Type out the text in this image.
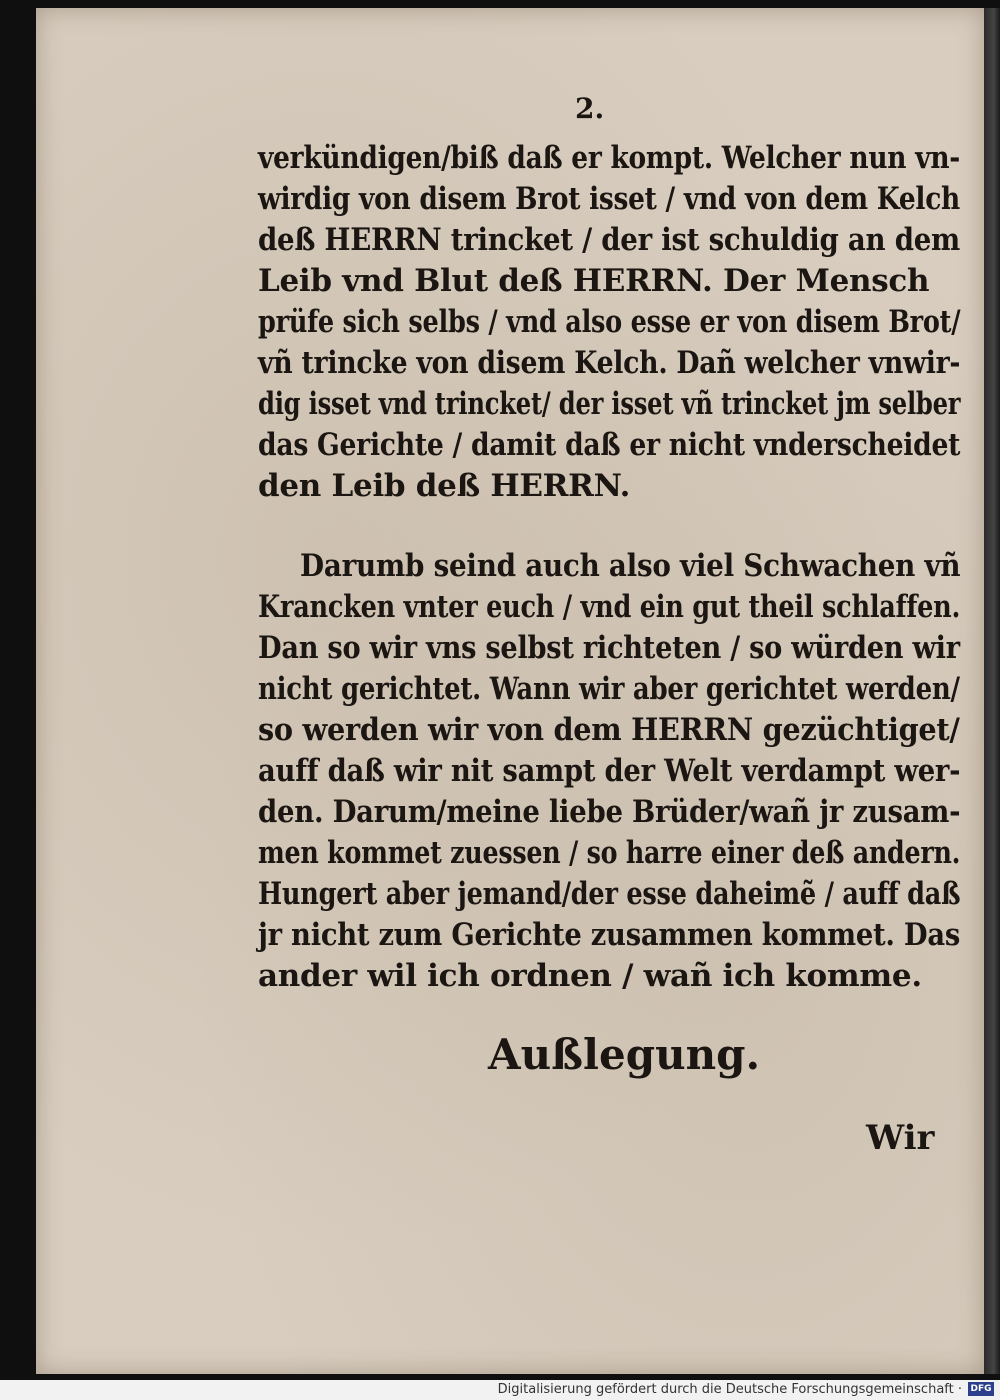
2.
verkündigen/biß daß er kompt. Welcher nun vn-
wirdig von disem Brot isset / vnd von dem Kelch
deß HERRN trincket / der ist schuldig an dem
Leib vnd Blut deß HERRN. Der Mensch
prüfe sich selbs / vnd also esse er von disem Brot/
vñ trincke von disem Kelch. Dañ welcher vnwir-
dig isset vnd trincket/ der isset vñ trincket jm selber
das Gerichte / damit daß er nicht vnderscheidet
den Leib deß HERRN.
Darumb seind auch also viel Schwachen vñ
Krancken vnter euch / vnd ein gut theil schlaffen.
Dan so wir vns selbst richteten / so würden wir
nicht gerichtet. Wann wir aber gerichtet werden/
so werden wir von dem HERRN gezüchtiget/
auff daß wir nit sampt der Welt verdampt wer-
den. Darum/meine liebe Brüder/wañ jr zusam-
men kommet zuessen / so harre einer deß andern.
Hungert aber jemand/der esse daheimẽ / auff daß
jr nicht zum Gerichte zusammen kommet. Das
ander wil ich ordnen / wañ ich komme.
Außlegung.
Wir
Digitalisierung gefördert durch die Deutsche Forschungsgemeinschaft · DFG
